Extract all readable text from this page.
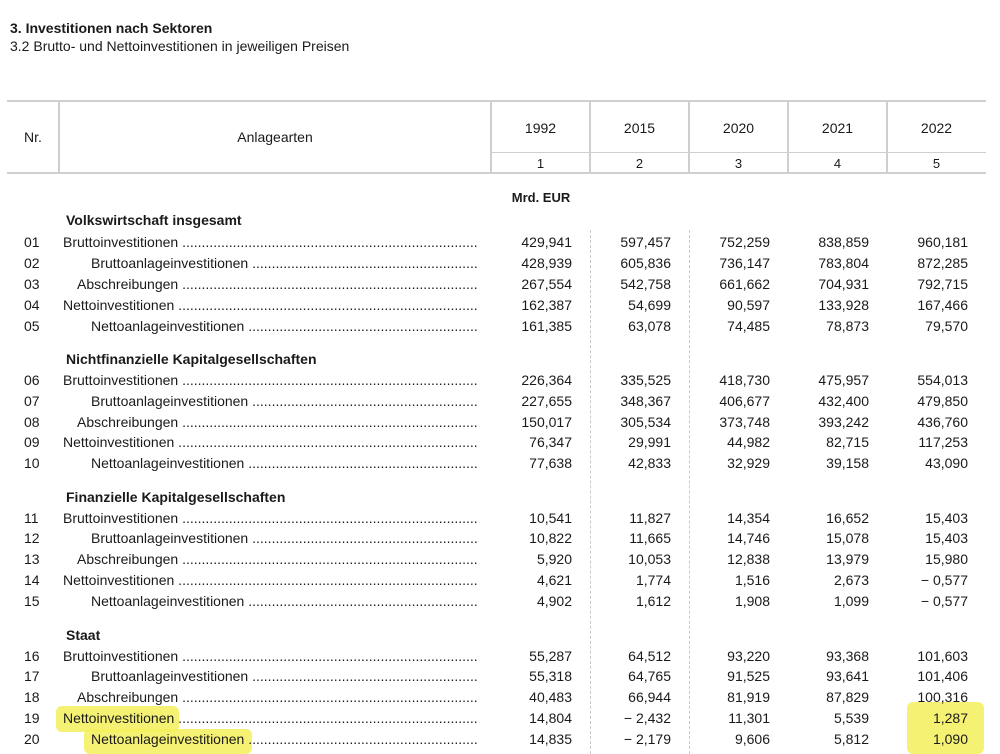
3. Investitionen nach Sektoren
3.2 Brutto- und Nettoinvestitionen in jeweiligen Preisen
Nr.	Anlagearten
1992	2015	2020	2021	2022
1	2	3	4	5
Mrd. EUR
Volkswirtschaft insgesamt
01	Bruttoinvestitionen .....	429,941	597,457	752,259	838,859	960,181
02	Bruttoanlageinvestitionen .....	428,939	605,836	736,147	783,804	872,285
03	Abschreibungen .....	267,554	542,758	661,662	704,931	792,715
04	Nettoinvestitionen .....	162,387	54,699	90,597	133,928	167,466
05	Nettoanlageinvestitionen .....	161,385	63,078	74,485	78,873	79,570
Nichtfinanzielle Kapitalgesellschaften
06	Bruttoinvestitionen .....	226,364	335,525	418,730	475,957	554,013
07	Bruttoanlageinvestitionen .....	227,655	348,367	406,677	432,400	479,850
08	Abschreibungen .....	150,017	305,534	373,748	393,242	436,760
09	Nettoinvestitionen .....	76,347	29,991	44,982	82,715	117,253
10	Nettoanlageinvestitionen .....	77,638	42,833	32,929	39,158	43,090
Finanzielle Kapitalgesellschaften
11	Bruttoinvestitionen .....	10,541	11,827	14,354	16,652	15,403
12	Bruttoanlageinvestitionen .....	10,822	11,665	14,746	15,078	15,403
13	Abschreibungen .....	5,920	10,053	12,838	13,979	15,980
14	Nettoinvestitionen .....	4,621	1,774	1,516	2,673	− 0,577
15	Nettoanlageinvestitionen .....	4,902	1,612	1,908	1,099	− 0,577
Staat
16	Bruttoinvestitionen .....	55,287	64,512	93,220	93,368	101,603
17	Bruttoanlageinvestitionen .....	55,318	64,765	91,525	93,641	101,406
18	Abschreibungen .....	40,483	66,944	81,919	87,829	100,316
19	Nettoinvestitionen .....	14,804	− 2,432	11,301	5,539	1,287
20	Nettoanlageinvestitionen .....	14,835	− 2,179	9,606	5,812	1,090
